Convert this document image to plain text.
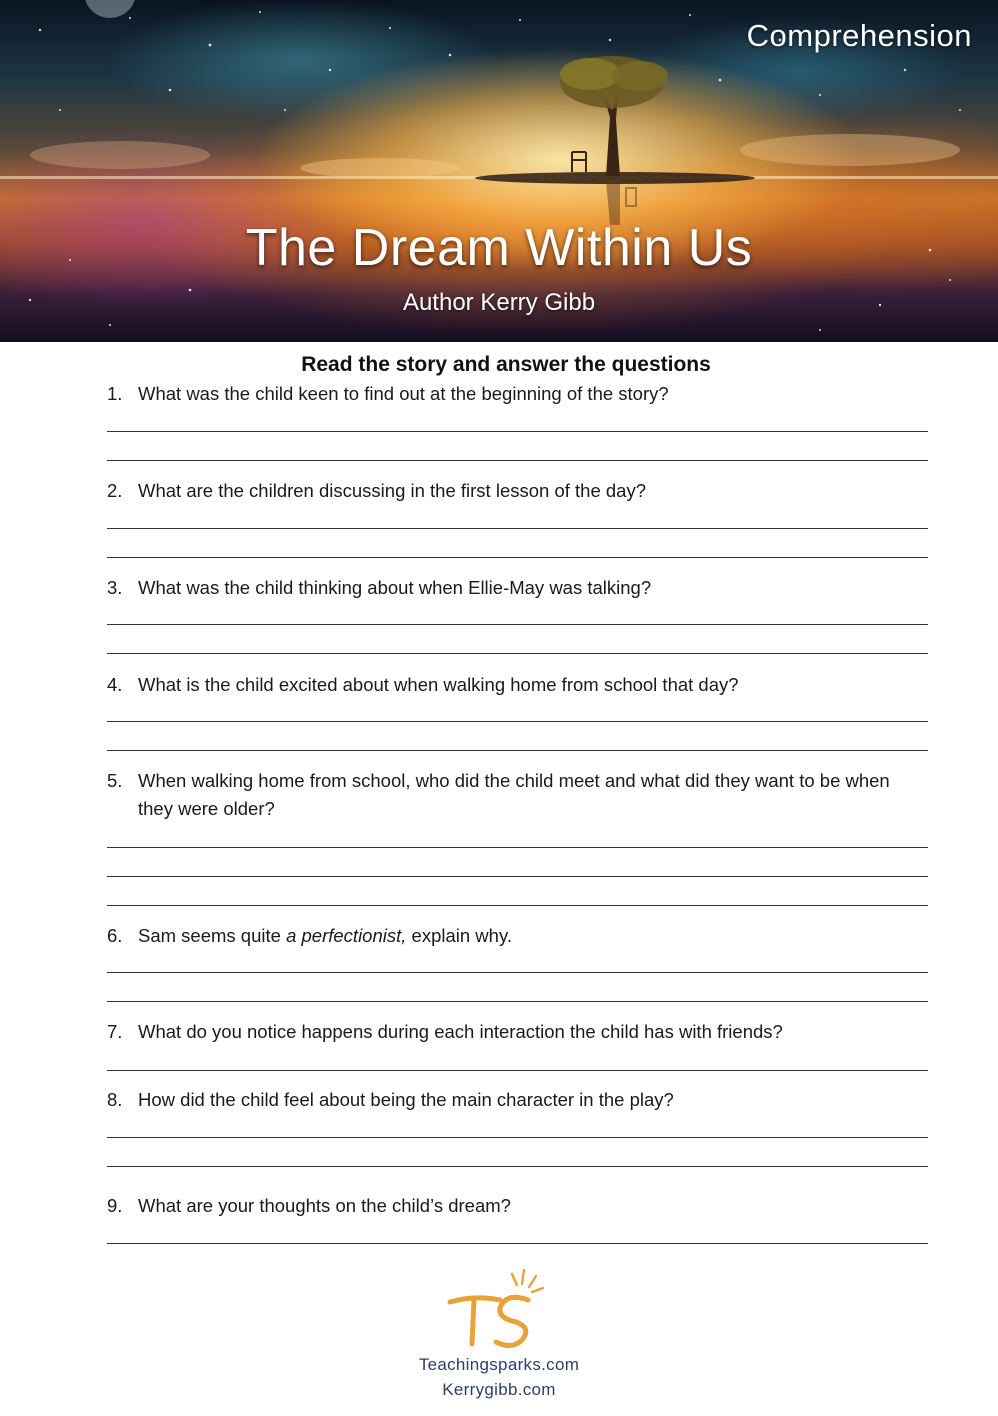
Comprehension
The Dream Within Us
Author Kerry Gibb
Read the story and answer the questions
1. What was the child keen to find out at the beginning of the story?
2. What are the children discussing in the first lesson of the day?
3. What was the child thinking about when Ellie-May was talking?
4. What is the child excited about when walking home from school that day?
5. When walking home from school, who did the child meet and what did they want to be when they were older?
6. Sam seems quite a perfectionist, explain why.
7. What do you notice happens during each interaction the child has with friends?
8. How did the child feel about being the main character in the play?
9. What are your thoughts on the child’s dream?
Teachingsparks.com
Kerrygibb.com
